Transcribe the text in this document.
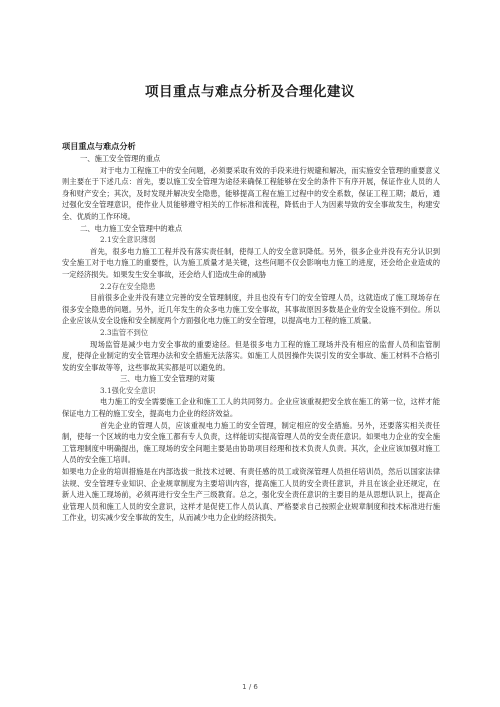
项目重点与难点分析及合理化建议
项目重点与难点分析

一、施工安全管理的重点

对于电力工程施工中的安全问题，必须要采取有效的手段来进行规避和解决，而实施安全管理的重要意义则主要在于下述几点：首先，要以施工安全管理为途径来确保工程能够在安全的条件下有序开展，保证作业人员的人身和财产安全；其次，及时发现并解决安全隐患，能够提高工程在施工过程中的安全系数，保证工程工期；最后，通过强化安全管理意识，使作业人员能够遵守相关的工作标准和流程，降低由于人为因素导致的安全事故发生，构建安全、优质的工作环境。

二、电力施工安全管理中的难点

2.1安全意识薄弱

首先，很多电力施工工程并没有落实责任制，使得工人的安全意识降低。另外，很多企业并没有充分认识到安全施工对于电力施工的重要性，认为施工质量才是关键，这些问题不仅会影响电力施工的进度，还会给企业造成的一定经济损失。如果发生安全事故，还会给人们造成生命的威胁

2.2存在安全隐患

目前很多企业并没有建立完善的安全管理制度，并且也没有专门的安全管理人员，这就造成了施工现场存在很多安全隐患的问题。另外，近几年发生的众多电力施工安全事故，其事故原因多数是企业的安全设施不到位。所以企业应该从安全设施和安全制度两个方面强化电力施工的安全管理，以提高电力工程的施工质量。

2.3监管不到位

现场监管是减少电力安全事故的重要途径。但是很多电力工程的施工现场并没有相应的监督人员和监管制度，使得企业制定的安全管理办法和安全措施无法落实。如施工人员因操作失误引发的安全事故、施工材料不合格引发的安全事故等等，这些事故其实都是可以避免的。

三、电力施工安全管理的对策

3.1强化安全意识

电力施工的安全需要施工企业和施工工人的共同努力。企业应该重视把安全放在施工的第一位，这样才能保证电力工程的施工安全，提高电力企业的经济效益。

首先企业的管理人员，应该重视电力施工的安全管理，制定相应的安全措施。另外，还要落实相关责任制，使每一个区域的电力安全施工都有专人负责，这样能切实提高管理人员的安全责任意识。如果电力企业的安全施工管理制度中明确提出，施工现场的安全问题主要是由协助项目经理和技术负责人负责。其次，企业应该加强对施工人员的安全施工培训。

如果电力企业的培训措施是在内部选拔一批技术过硬、有责任感的员工或资深管理人员担任培训员，然后以国家法律法规、安全管理专业知识、企业规章制度为主要培训内容，提高施工人员的安全责任意识，并且在该企业还规定，在新人进入施工现场前，必须再进行安全生产三级教育。总之，强化安全责任意识的主要目的是从思想认识上，提高企业管理人员和施工人员的安全意识，这样才是促使工作人员认真、严格要求自己按照企业规章制度和技术标准进行施工作业，切实减少安全事故的发生，从而减少电力企业的经济损失。

1 / 6
